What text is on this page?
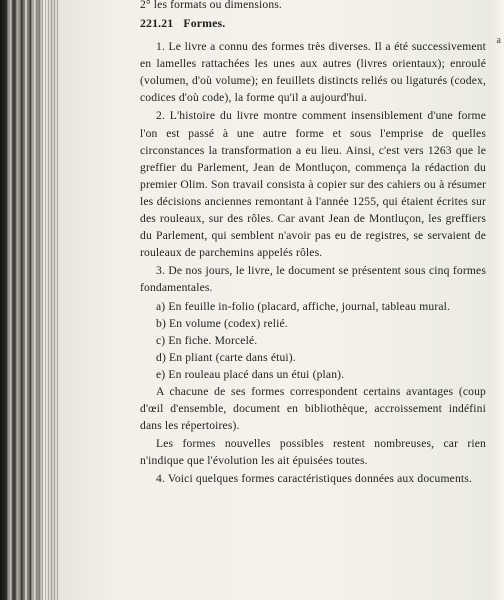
a
2° les formats ou dimensions.
221.21 Formes.

1. Le livre a connu des formes très diverses. Il a été successivement en lamelles rattachées les unes aux autres (livres orientaux); enroulé (volumen, d'où volume); en feuillets distincts reliés ou ligaturés (codex, codices d'où code), la forme qu'il a aujourd'hui.

2. L'histoire du livre montre comment insensiblement d'une forme l'on est passé à une autre forme et sous l'emprise de quelles circonstances la transformation a eu lieu. Ainsi, c'est vers 1263 que le greffier du Parlement, Jean de Montluçon, commença la rédaction du premier Olim. Son travail consista à copier sur des cahiers ou à résumer les décisions anciennes remontant à l'année 1255, qui étaient écrites sur des rouleaux, sur des rôles. Car avant Jean de Montluçon, les greffiers du Parlement, qui semblent n'avoir pas eu de registres, se servaient de rouleaux de parchemins appelés rôles.

3. De nos jours, le livre, le document se présentent sous cinq formes fondamentales.

a) En feuille in-folio (placard, affiche, journal, tableau mural.

b) En volume (codex) relié.

c) En fiche. Morcelé.

d) En pliant (carte dans étui).

e) En rouleau placé dans un étui (plan).

A chacune de ses formes correspondent certains avantages (coup d'œil d'ensemble, document en bibliothèque, accroissement indéfini dans les répertoires).

Les formes nouvelles possibles restent nombreuses, car rien n'indique que l'évolution les ait épuisées toutes.

4. Voici quelques formes caractéristiques données aux documents.
